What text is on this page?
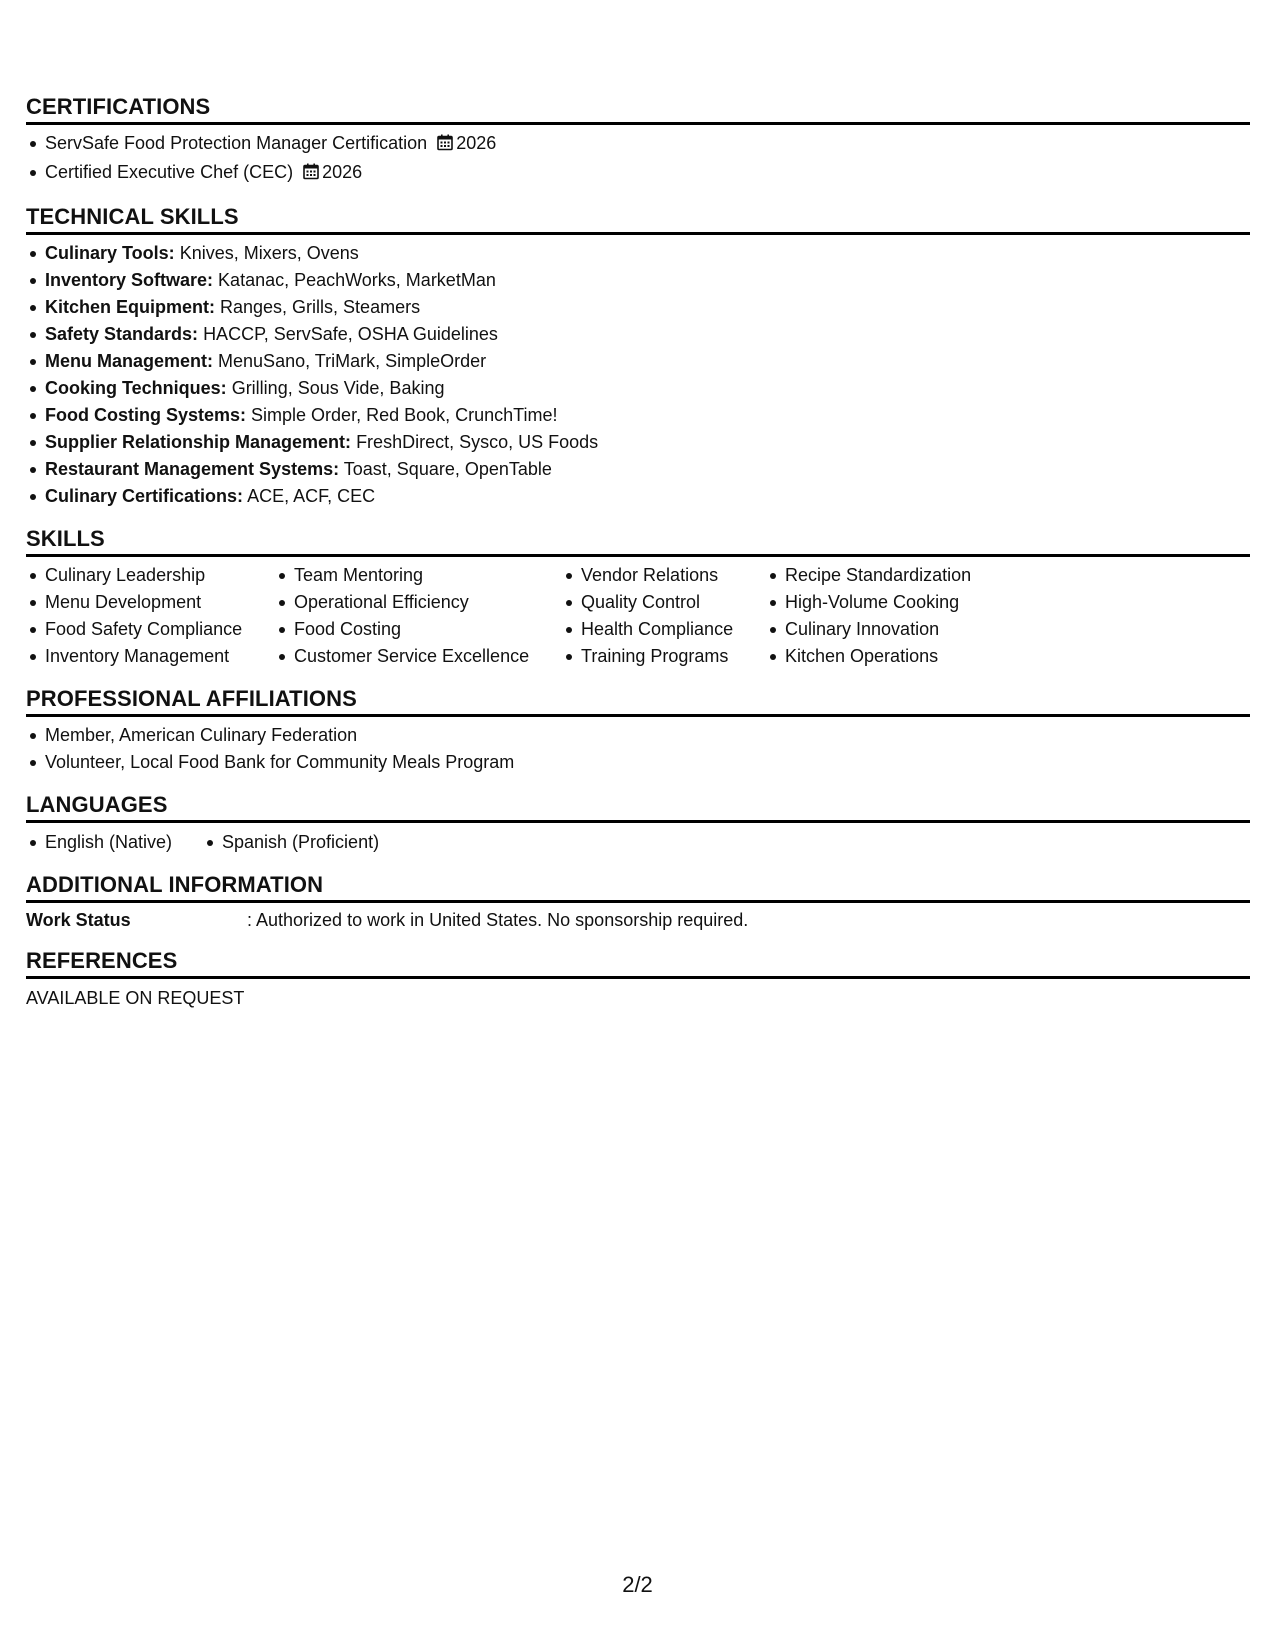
CERTIFICATIONS
ServSafe Food Protection Manager Certification 2026
Certified Executive Chef (CEC) 2026
TECHNICAL SKILLS
Culinary Tools: Knives, Mixers, Ovens
Inventory Software: Katanac, PeachWorks, MarketMan
Kitchen Equipment: Ranges, Grills, Steamers
Safety Standards: HACCP, ServSafe, OSHA Guidelines
Menu Management: MenuSano, TriMark, SimpleOrder
Cooking Techniques: Grilling, Sous Vide, Baking
Food Costing Systems: Simple Order, Red Book, CrunchTime!
Supplier Relationship Management: FreshDirect, Sysco, US Foods
Restaurant Management Systems: Toast, Square, OpenTable
Culinary Certifications: ACE, ACF, CEC
SKILLS
Culinary Leadership
Menu Development
Food Safety Compliance
Inventory Management
Team Mentoring
Operational Efficiency
Food Costing
Customer Service Excellence
Vendor Relations
Quality Control
Health Compliance
Training Programs
Recipe Standardization
High-Volume Cooking
Culinary Innovation
Kitchen Operations
PROFESSIONAL AFFILIATIONS
Member, American Culinary Federation
Volunteer, Local Food Bank for Community Meals Program
LANGUAGES
English (Native)	Spanish (Proficient)
ADDITIONAL INFORMATION
Work Status	: Authorized to work in United States. No sponsorship required.
REFERENCES
AVAILABLE ON REQUEST
2/2
